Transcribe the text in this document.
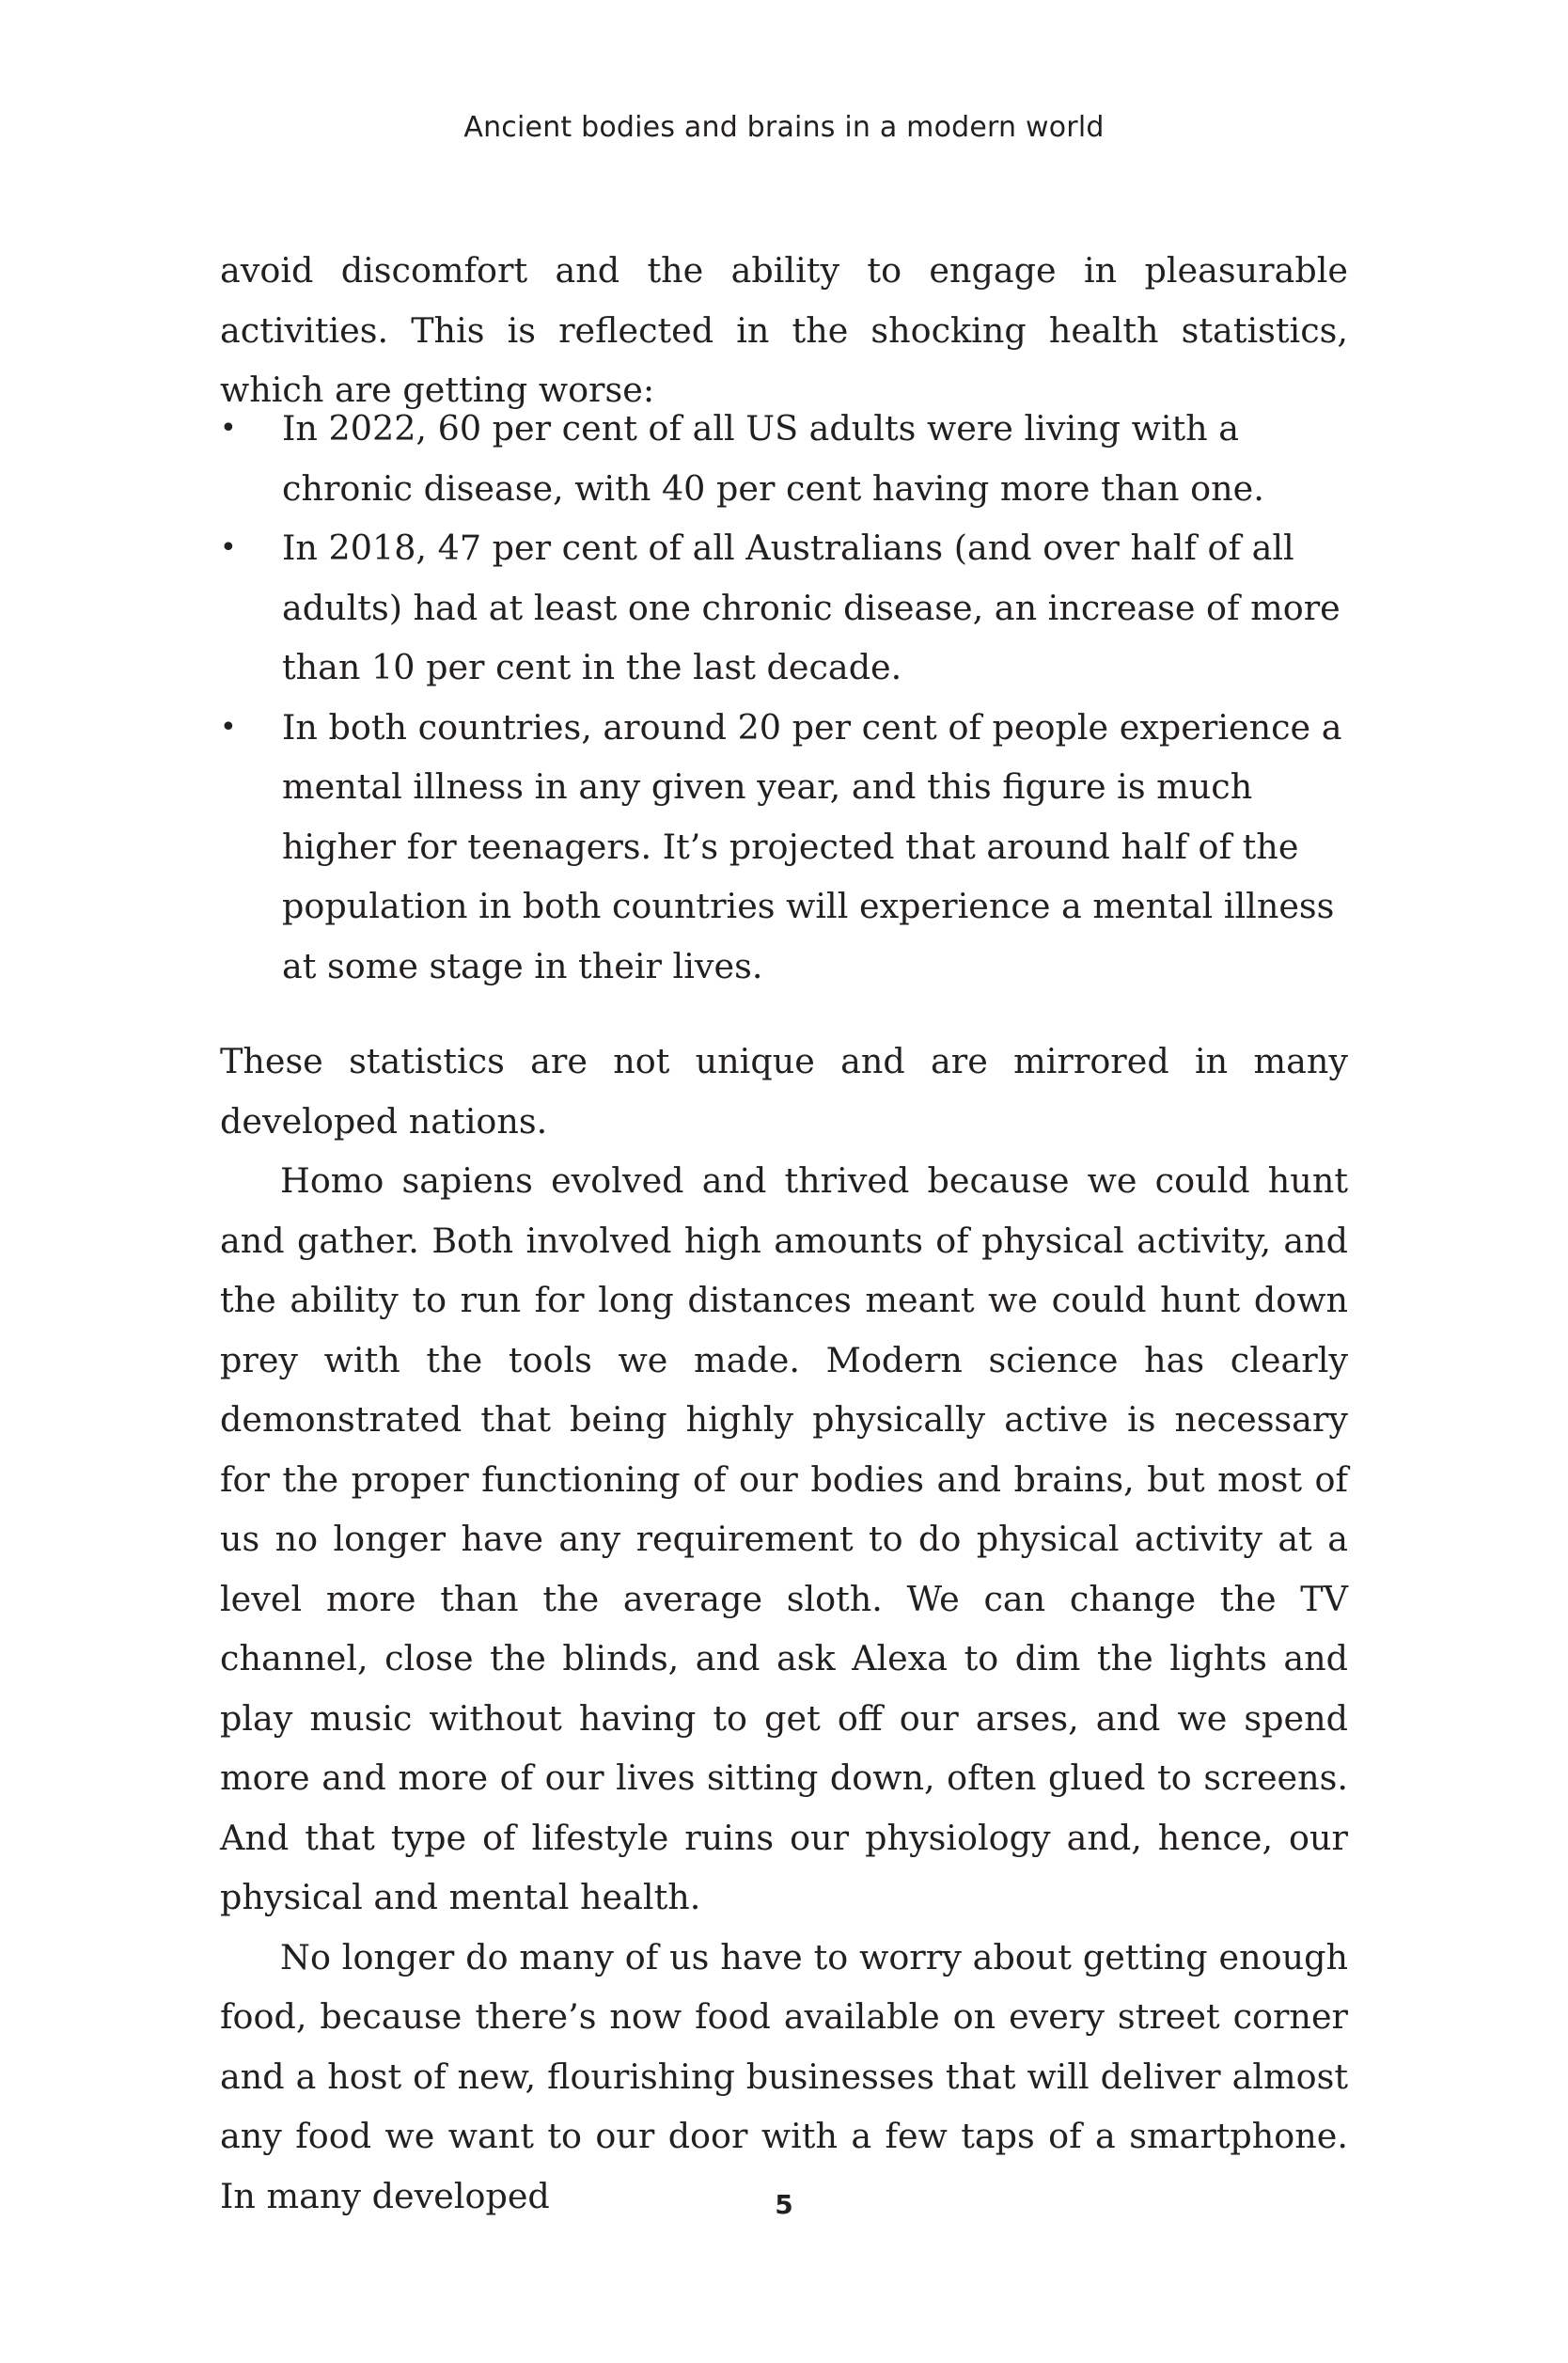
Ancient bodies and brains in a modern world

avoid discomfort and the ability to engage in pleasurable activities. This is reflected in the shocking health statistics, which are getting worse:

• In 2022, 60 per cent of all US adults were living with a chronic disease, with 40 per cent having more than one.
• In 2018, 47 per cent of all Australians (and over half of all adults) had at least one chronic disease, an increase of more than 10 per cent in the last decade.
• In both countries, around 20 per cent of people experience a mental illness in any given year, and this figure is much higher for teenagers. It’s projected that around half of the population in both countries will experience a mental illness at some stage in their lives.

These statistics are not unique and are mirrored in many developed nations.

Homo sapiens evolved and thrived because we could hunt and gather. Both involved high amounts of physical activity, and the ability to run for long distances meant we could hunt down prey with the tools we made. Modern science has clearly demonstrated that being highly physically active is necessary for the proper functioning of our bodies and brains, but most of us no longer have any requirement to do physical activity at a level more than the average sloth. We can change the TV channel, close the blinds, and ask Alexa to dim the lights and play music without having to get off our arses, and we spend more and more of our lives sitting down, often glued to screens. And that type of lifestyle ruins our physiology and, hence, our physical and mental health.

No longer do many of us have to worry about getting enough food, because there’s now food available on every street corner and a host of new, flourishing businesses that will deliver almost any food we want to our door with a few taps of a smartphone. In many developed	5
